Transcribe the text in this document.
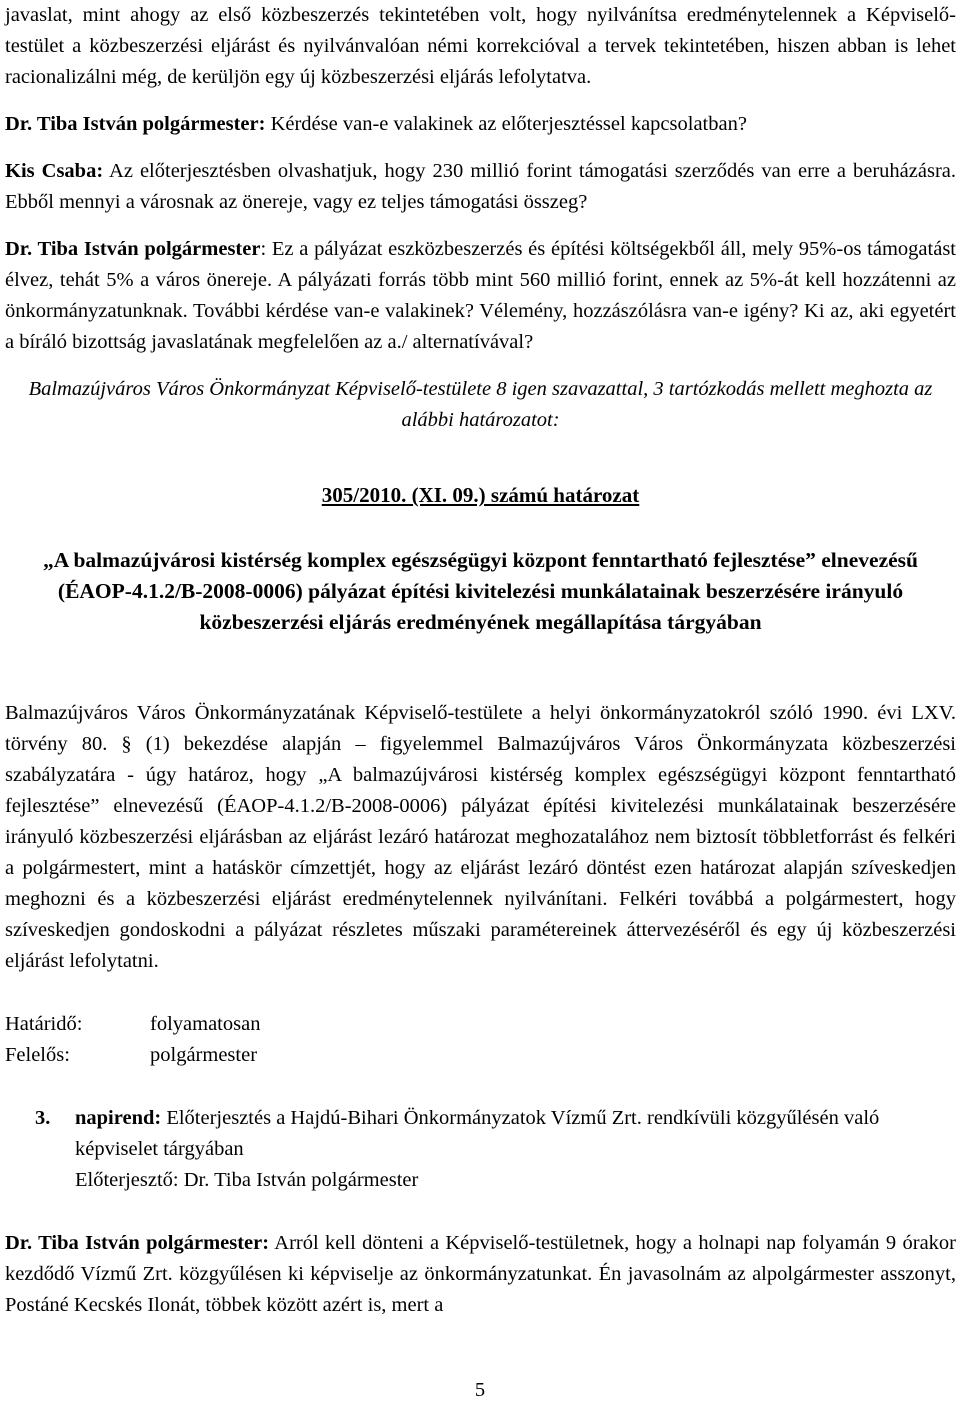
javaslat, mint ahogy az első közbeszerzés tekintetében volt, hogy nyilvánítsa eredménytelennek a Képviselő-testület a közbeszerzési eljárást és nyilvánvalóan némi korrekcióval a tervek tekintetében, hiszen abban is lehet racionalizálni még, de kerüljön egy új közbeszerzési eljárás lefolytatva.

Dr. Tiba István polgármester: Kérdése van-e valakinek az előterjesztéssel kapcsolatban?

Kis Csaba: Az előterjesztésben olvashatjuk, hogy 230 millió forint támogatási szerződés van erre a beruházásra. Ebből mennyi a városnak az önereje, vagy ez teljes támogatási összeg?

Dr. Tiba István polgármester: Ez a pályázat eszközbeszerzés és építési költségekből áll, mely 95%-os támogatást élvez, tehát 5% a város önereje. A pályázati forrás több mint 560 millió forint, ennek az 5%-át kell hozzátenni az önkormányzatunknak. További kérdése van-e valakinek? Vélemény, hozzászólásra van-e igény? Ki az, aki egyetért a bíráló bizottság javaslatának megfelelően az a./ alternatívával?

Balmazújváros Város Önkormányzat Képviselő-testülete 8 igen szavazattal, 3 tartózkodás mellett meghozta az alábbi határozatot:

305/2010. (XI. 09.) számú határozat

„A balmazújvárosi kistérség komplex egészségügyi központ fenntartható fejlesztése” elnevezésű (ÉAOP-4.1.2/B-2008-0006) pályázat építési kivitelezési munkálatainak beszerzésére irányuló közbeszerzési eljárás eredményének megállapítása tárgyában

Balmazújváros Város Önkormányzatának Képviselő-testülete a helyi önkormányzatokról szóló 1990. évi LXV. törvény 80. § (1) bekezdése alapján – figyelemmel Balmazújváros Város Önkormányzata közbeszerzési szabályzatára - úgy határoz, hogy „A balmazújvárosi kistérség komplex egészségügyi központ fenntartható fejlesztése” elnevezésű (ÉAOP-4.1.2/B-2008-0006) pályázat építési kivitelezési munkálatainak beszerzésére irányuló közbeszerzési eljárásban az eljárást lezáró határozat meghozatalához nem biztosít többletforrást és felkéri a polgármestert, mint a hatáskör címzettjét, hogy az eljárást lezáró döntést ezen határozat alapján szíveskedjen meghozni és a közbeszerzési eljárást eredménytelennek nyilvánítani. Felkéri továbbá a polgármestert, hogy szíveskedjen gondoskodni a pályázat részletes műszaki paramétereinek áttervezéséről és egy új közbeszerzési eljárást lefolytatni.

Határidő:	folyamatosan
Felelős:	polgármester
3. napirend: Előterjesztés a Hajdú-Bihari Önkormányzatok Vízmű Zrt. rendkívüli közgyűlésén való képviselet tárgyában

Előterjesztő: Dr. Tiba István polgármester

Dr. Tiba István polgármester: Arról kell dönteni a Képviselő-testületnek, hogy a holnapi nap folyamán 9 órakor kezdődő Vízmű Zrt. közgyűlésen ki képviselje az önkormányzatunkat. Én javasolnám az alpolgármester asszonyt, Postáné Kecskés Ilonát, többek között azért is, mert a

5
